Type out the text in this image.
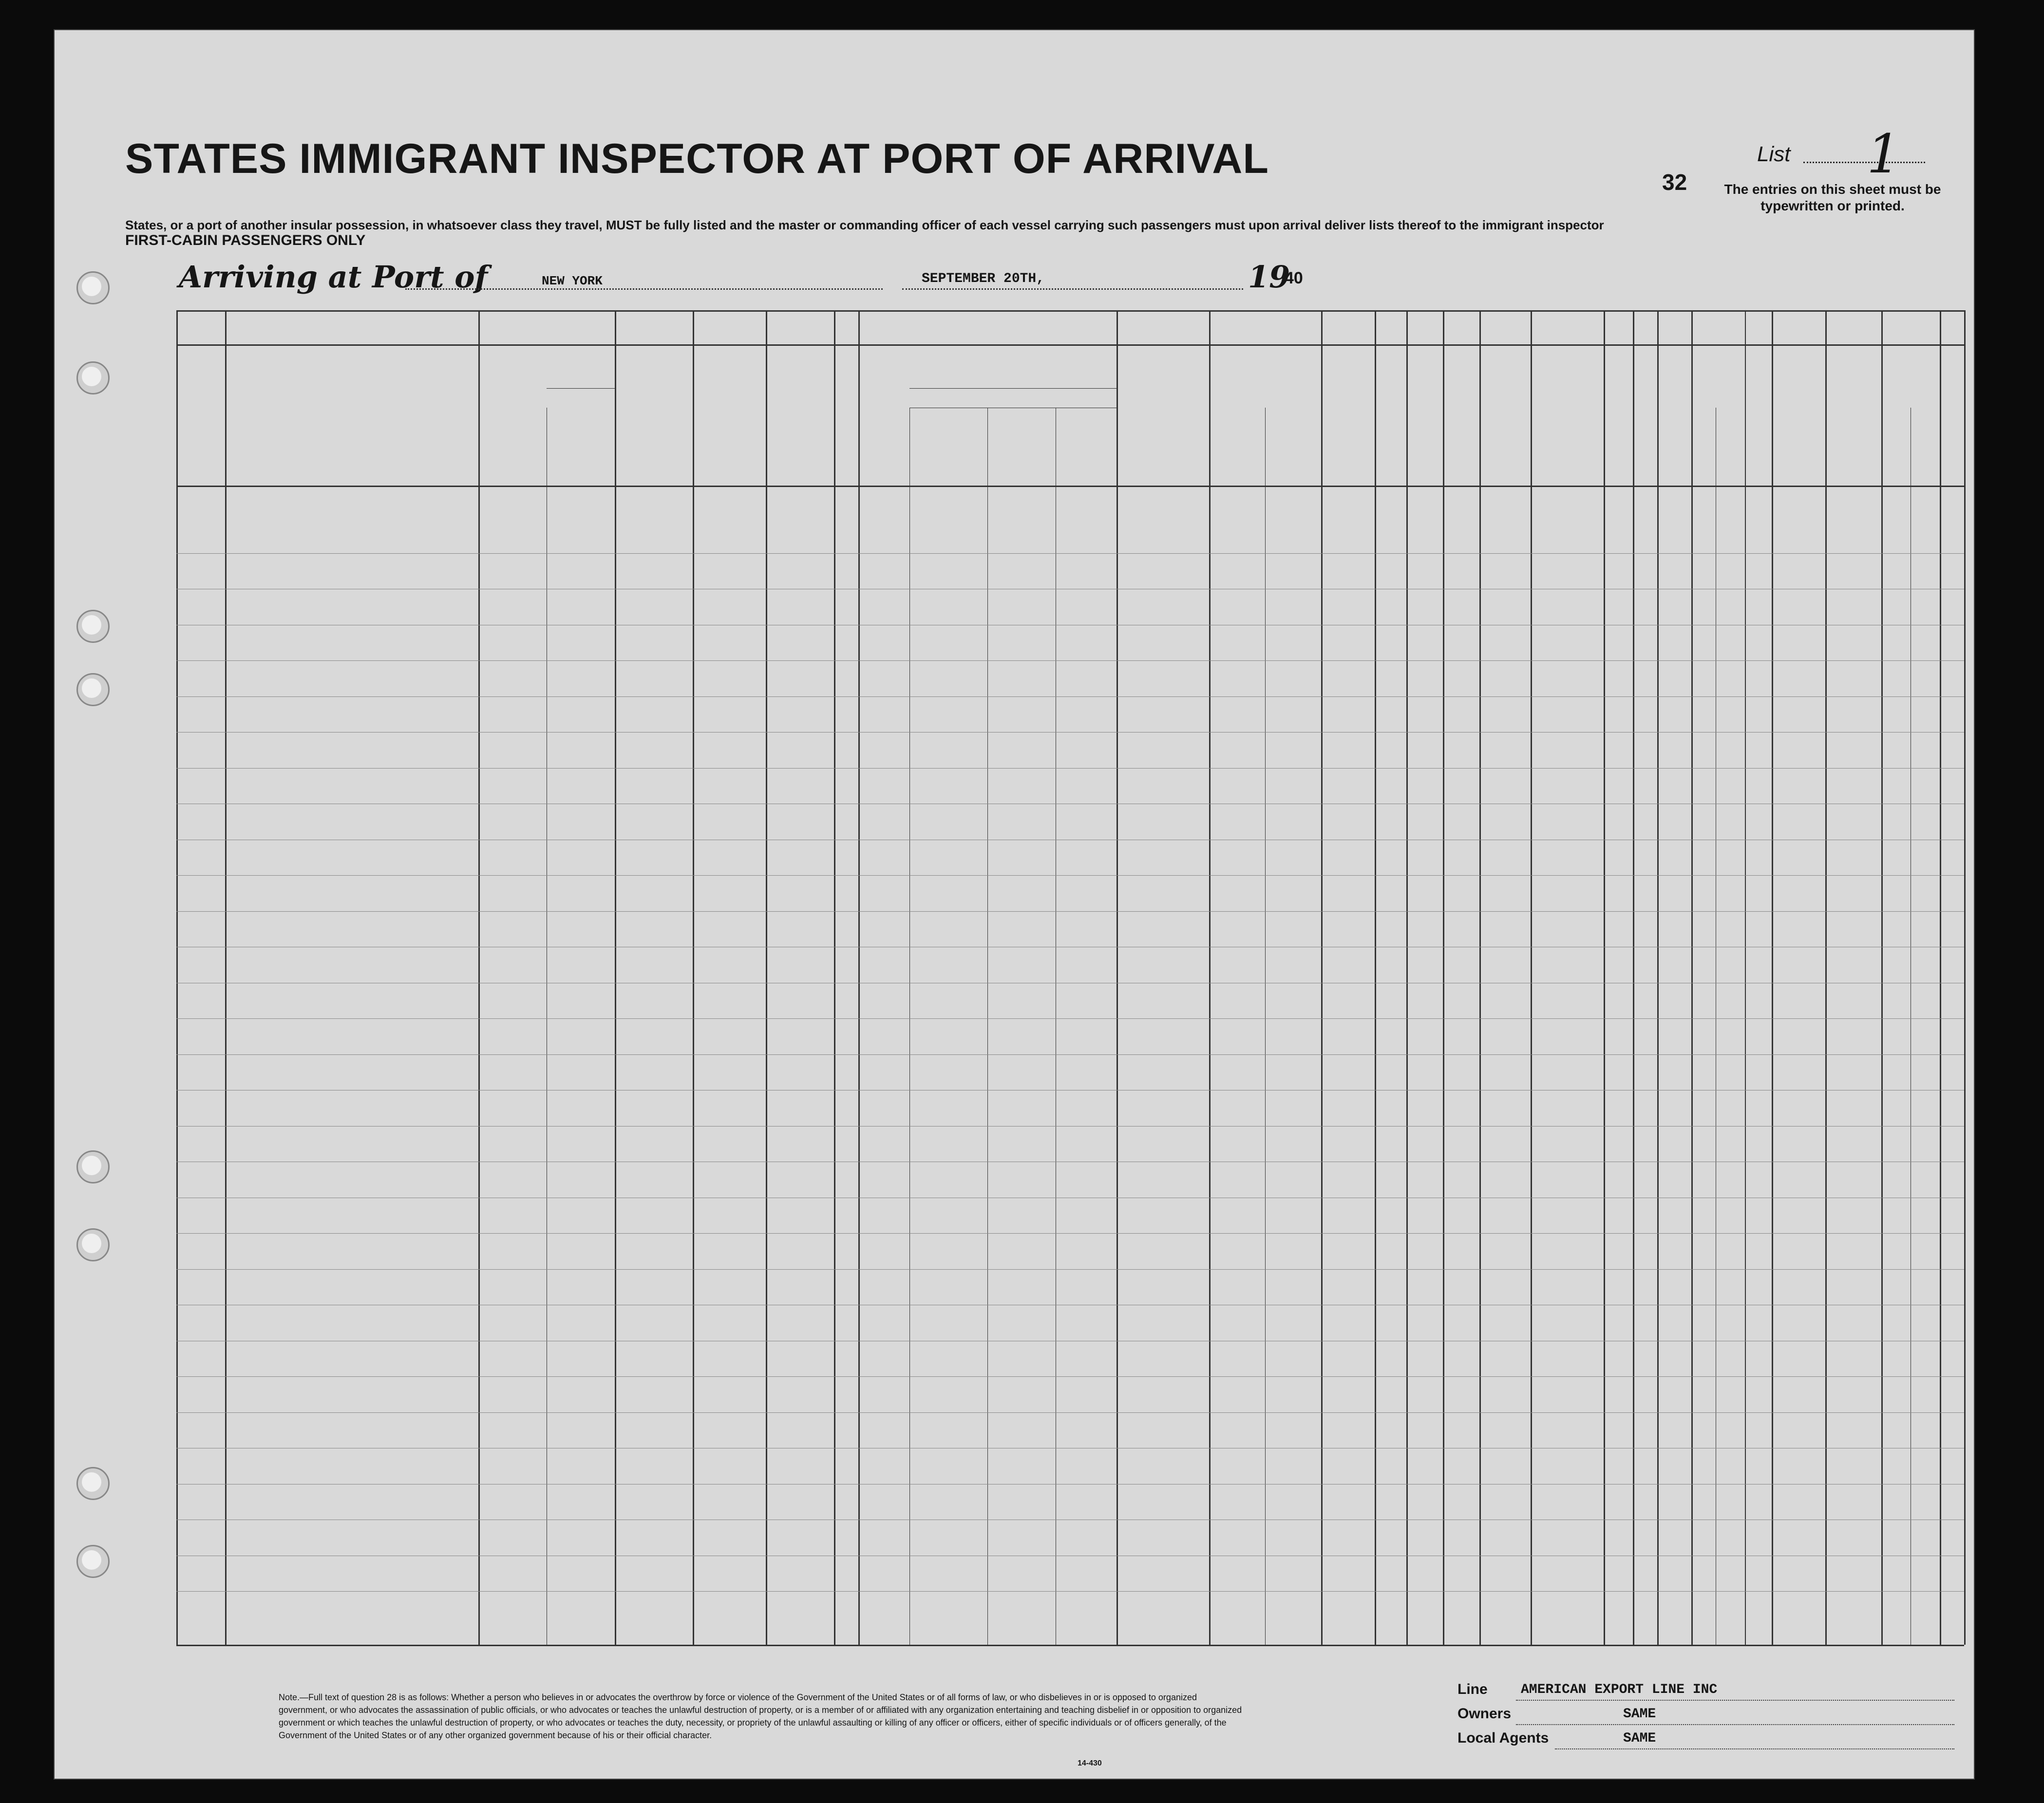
STATES IMMIGRANT INSPECTOR AT PORT OF ARRIVAL
States, or a port of another insular possession, in whatsoever class they travel, MUST be fully listed and the master or commanding officer of each vessel carrying such passengers must upon arrival deliver lists thereof to the immigrant inspector
FIRST-CABIN PASSENGERS ONLY
32
List 1
The entries on this sheet must be typewritten or printed.
Arriving at Port of	NEW YORK	SEPTEMBER 20TH,	19
40
Note.—Full text of question 28 is as follows: Whether a person who believes in or advocates the overthrow by force or violence of the Government of the United States or of all forms of law, or who disbelieves in or is opposed to organized government, or who advocates the assassination of public officials, or who advocates or teaches the unlawful destruction of property, or is a member of or affiliated with any organization entertaining and teaching disbelief in or opposition to organized government or which teaches the unlawful destruction of property, or who advocates or teaches the duty, necessity, or propriety of the unlawful assaulting or killing of any officer or officers, either of specific individuals or of officers generally, of the Government of the United States or of any other organized government because of his or their official character.
14-430
Line AMERICAN EXPORT LINE INC
Owners	SAME
Local Agents	SAME
